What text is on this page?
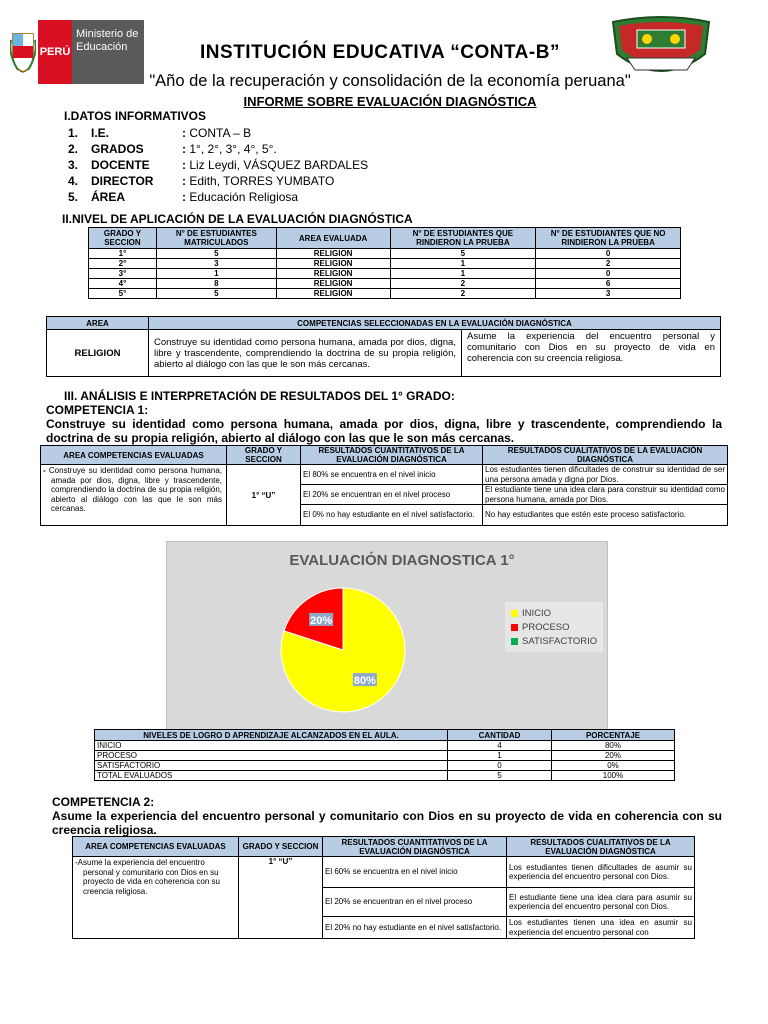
PERÚ
Ministerio de Educación	INSTITUCIÓN EDUCATIVA “CONTA-B”
"Año de la recuperación y consolidación de la economía peruana"
INFORME SOBRE EVALUACIÓN DIAGNÓSTICA
I.DATOS INFORMATIVOS
1. I.E.	: CONTA – B
2. GRADOS	: 1°, 2°, 3°, 4°, 5°.
3. DOCENTE	: Liz Leydi, VÁSQUEZ BARDALES
4. DIRECTOR	: Edith, TORRES YUMBATO
5. ÁREA	: Educación Religiosa
II.NIVEL DE APLICACIÓN DE LA EVALUACIÓN DIAGNÓSTICA
GRADO Y SECCION	N° DE ESTUDIANTES MATRICULADOS	AREA EVALUADA	N° DE ESTUDIANTES QUE RINDIERON LA PRUEBA	N° DE ESTUDIANTES QUE NO RINDIERON LA PRUEBA
1°	5	RELIGION	5	0
2°	3	RELIGION	1	2
3°	1	RELIGION	1	0
4°	8	RELIGION	2	6
5°	5	RELIGION	2	3
AREA	COMPETENCIAS SELECCIONADAS EN LA EVALUACIÓN DIAGNÓSTICA	
RELIGION	Construye su identidad como persona humana, amada por dios, digna, libre y trascendente, comprendiendo la doctrina de su propia religión, abierto al diálogo con las que le son más cercanas.	Asume la experiencia del encuentro personal y comunitario con Dios en su proyecto de vida en coherencia con su creencia religiosa.
III. ANÁLISIS E INTERPRETACIÓN DE RESULTADOS DEL 1° GRADO:
COMPETENCIA 1:
Construye su identidad como persona humana, amada por dios, digna, libre y trascendente, comprendiendo la doctrina de su propia religión, abierto al diálogo con las que le son más cercanas.
AREA COMPETENCIAS EVALUADAS	GRADO Y SECCION	RESULTADOS CUANTITATIVOS DE LA EVALUACIÓN DIAGNÓSTICA	RESULTADOS CUALITATIVOS DE LA EVALUACIÓN DIAGNÓSTICA
- Construye su identidad como persona humana, amada por dios, digna, libre y trascendente, comprendiendo la doctrina de su propia religión, abierto al diálogo con las que le son más cercanas.	1° “U”	El 80% se encuentra en el nivel inicio	Los estudiantes tienen dificultades de construir su identidad de ser una persona amada y digna por Dios.
		El 20% se encuentran en el nivel proceso	El estudiante tiene una idea clara para construir su identidad como persona humana, amada por Dios.
		El 0% no hay estudiante en el nivel satisfactorio.	No hay estudiantes que estén este proceso satisfactorio.
EVALUACIÓN DIAGNOSTICA 1°
80%
20%
INICIO
PROCESO
SATISFACTORIO
NIVELES DE LOGRO D APRENDIZAJE ALCANZADOS EN EL AULA.	CANTIDAD	PORCENTAJE
INICIO	4	80%
PROCESO	1	20%
SATISFACTORIO	0	0%
TOTAL EVALUADOS	5	100%
COMPETENCIA 2:
Asume la experiencia del encuentro personal y comunitario con Dios en su proyecto de vida en coherencia con su creencia religiosa.
AREA COMPETENCIAS EVALUADAS	GRADO Y SECCION	RESULTADOS CUANTITATIVOS DE LA EVALUACIÓN DIAGNÓSTICA	RESULTADOS CUALITATIVOS DE LA EVALUACIÓN DIAGNÓSTICA
-Asume la experiencia del encuentro personal y comunitario con Dios en su proyecto de vida en coherencia con su creencia religiosa.	1° “U”	El 60% se encuentra en el nivel inicio	Los estudiantes tienen dificultades de asumir su experiencia del encuentro personal con Dios.
		El 20% se encuentran en el nivel proceso	El estudiante tiene una idea clara para asumir su experiencia del encuentro personal con Dios.
		El 20% no hay estudiante en el nivel satisfactorio.	Los estudiantes tienen una idea en asumir su experiencia del encuentro personal con
